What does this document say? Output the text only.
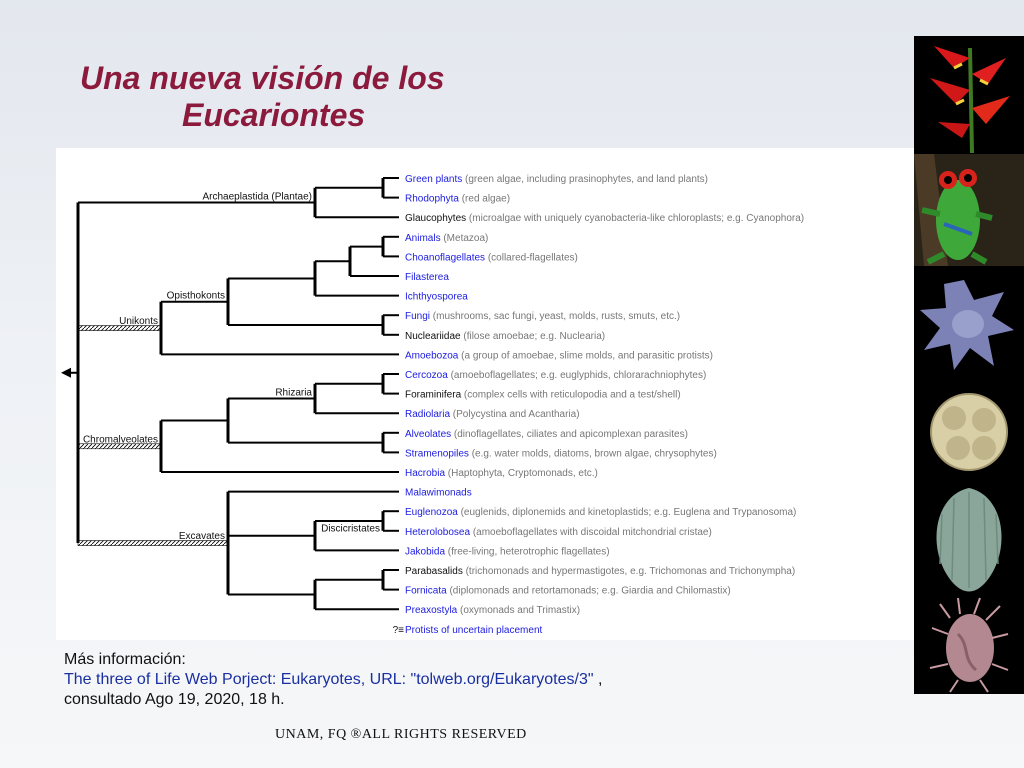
Una nueva visión de los
Eucariontes
Archaeplastida (Plantae)
Opisthokonts
Unikonts
Rhizaria
Chromalveolates
Discicristates
Excavates
Green plants (green algae, including prasinophytes, and land plants)
Rhodophyta (red algae)
Glaucophytes (microalgae with uniquely cyanobacteria-like chloroplasts; e.g. Cyanophora)
Animals (Metazoa)
Choanoflagellates (collared-flagellates)
Filasterea
Ichthyosporea
Fungi (mushrooms, sac fungi, yeast, molds, rusts, smuts, etc.)
Nucleariidae (filose amoebae; e.g. Nuclearia)
Amoebozoa (a group of amoebae, slime molds, and parasitic protists)
Cercozoa (amoeboflagellates; e.g. euglyphids, chlorarachniophytes)
Foraminifera (complex cells with reticulopodia and a test/shell)
Radiolaria (Polycystina and Acantharia)
Alveolates (dinoflagellates, ciliates and apicomplexan parasites)
Stramenopiles (e.g. water molds, diatoms, brown algae, chrysophytes)
Hacrobia (Haptophyta, Cryptomonads, etc.)
Malawimonads
Euglenozoa (euglenids, diplonemids and kinetoplastids; e.g. Euglena and Trypanosoma)
Heterolobosea (amoeboflagellates with discoidal mitchondrial cristae)
Jakobida (free-living, heterotrophic flagellates)
Parabasalids (trichomonads and hypermastigotes, e.g. Trichomonas and Trichonympha)
Fornicata (diplomonads and retortamonads; e.g. Giardia and Chilomastix)
Preaxostyla (oxymonads and Trimastix)
?≡ Protists of uncertain placement
Más información:
The three of Life Web Porject: Eukaryotes, URL: "tolweb.org/Eukaryotes/3" ,
consultado Ago 19, 2020, 18 h.
UNAM, FQ ®ALL RIGHTS RESERVED
